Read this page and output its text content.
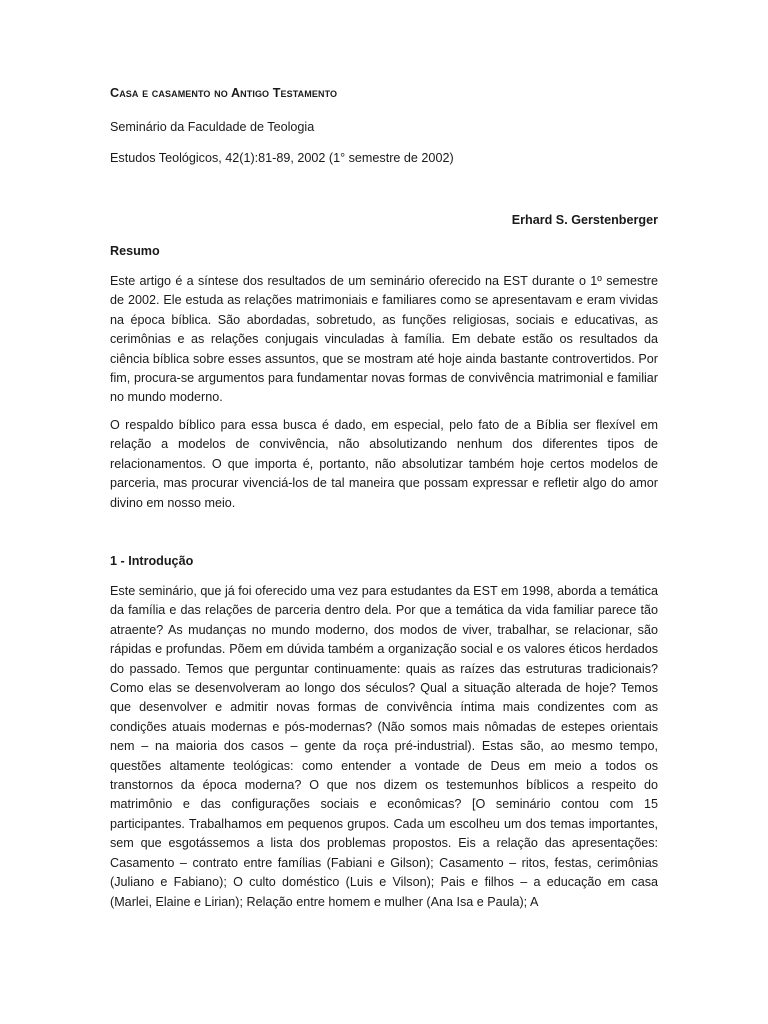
Casa e casamento no Antigo Testamento

Seminário da Faculdade de Teologia

Estudos Teológicos, 42(1):81-89, 2002 (1° semestre de 2002)

Erhard S. Gerstenberger

Resumo

Este artigo é a síntese dos resultados de um seminário oferecido na EST durante o 1º semestre de 2002. Ele estuda as relações matrimoniais e familiares como se apresentavam e eram vividas na época bíblica. São abordadas, sobretudo, as funções religiosas, sociais e educativas, as cerimônias e as relações conjugais vinculadas à família. Em debate estão os resultados da ciência bíblica sobre esses assuntos, que se mostram até hoje ainda bastante controvertidos. Por fim, procura-se argumentos para fundamentar novas formas de convivência matrimonial e familiar no mundo moderno.

O respaldo bíblico para essa busca é dado, em especial, pelo fato de a Bíblia ser flexível em relação a modelos de convivência, não absolutizando nenhum dos diferentes tipos de relacionamentos. O que importa é, portanto, não absolutizar também hoje certos modelos de parceria, mas procurar vivenciá-los de tal maneira que possam expressar e refletir algo do amor divino em nosso meio.

1 - Introdução

Este seminário, que já foi oferecido uma vez para estudantes da EST em 1998, aborda a temática da família e das relações de parceria dentro dela. Por que a temática da vida familiar parece tão atraente? As mudanças no mundo moderno, dos modos de viver, trabalhar, se relacionar, são rápidas e profundas. Põem em dúvida também a organização social e os valores éticos herdados do passado. Temos que perguntar continuamente: quais as raízes das estruturas tradicionais? Como elas se desenvolveram ao longo dos séculos? Qual a situação alterada de hoje? Temos que desenvolver e admitir novas formas de convivência íntima mais condizentes com as condições atuais modernas e pós-modernas? (Não somos mais nômadas de estepes orientais nem – na maioria dos casos – gente da roça pré-industrial). Estas são, ao mesmo tempo, questões altamente teológicas: como entender a vontade de Deus em meio a todos os transtornos da época moderna? O que nos dizem os testemunhos bíblicos a respeito do matrimônio e das configurações sociais e econômicas? [O seminário contou com 15 participantes. Trabalhamos em pequenos grupos. Cada um escolheu um dos temas importantes, sem que esgotássemos a lista dos problemas propostos. Eis a relação das apresentações: Casamento – contrato entre famílias (Fabiani e Gilson); Casamento – ritos, festas, cerimônias (Juliano e Fabiano); O culto doméstico (Luis e Vilson); Pais e filhos – a educação em casa (Marlei, Elaine e Lirian); Relação entre homem e mulher (Ana Isa e Paula); A
